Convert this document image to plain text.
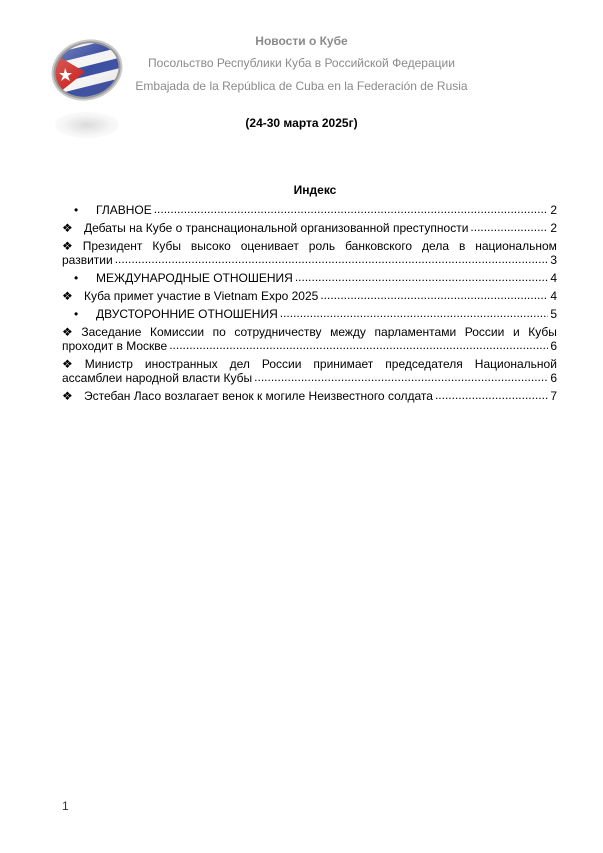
Новости о Кубе
Посольство Республики Куба в Российской Федерации
Embajada de la República de Cuba en la Federación de Rusia
(24-30 марта 2025г)
Индекс
•	ГЛАВНОЕ .....	2
❖ Дебаты на Кубе о транснациональной организованной преступности .....	2
❖ Президент Кубы высоко оценивает роль банковского дела в национальном
развитии .....	3
•	МЕЖДУНАРОДНЫЕ ОТНОШЕНИЯ .....	4
❖ Куба примет участие в Vietnam Expo 2025 .....	4
•	ДВУСТОРОННИЕ ОТНОШЕНИЯ .....	5
❖ Заседание Комиссии по сотрудничеству между парламентами России и Кубы
проходит в Москве .....	6
❖ Министр иностранных дел России принимает председателя Национальной
ассамблеи народной власти Кубы .....	6
❖ Эстебан Ласо возлагает венок к могиле Неизвестного солдата .....	7
1
